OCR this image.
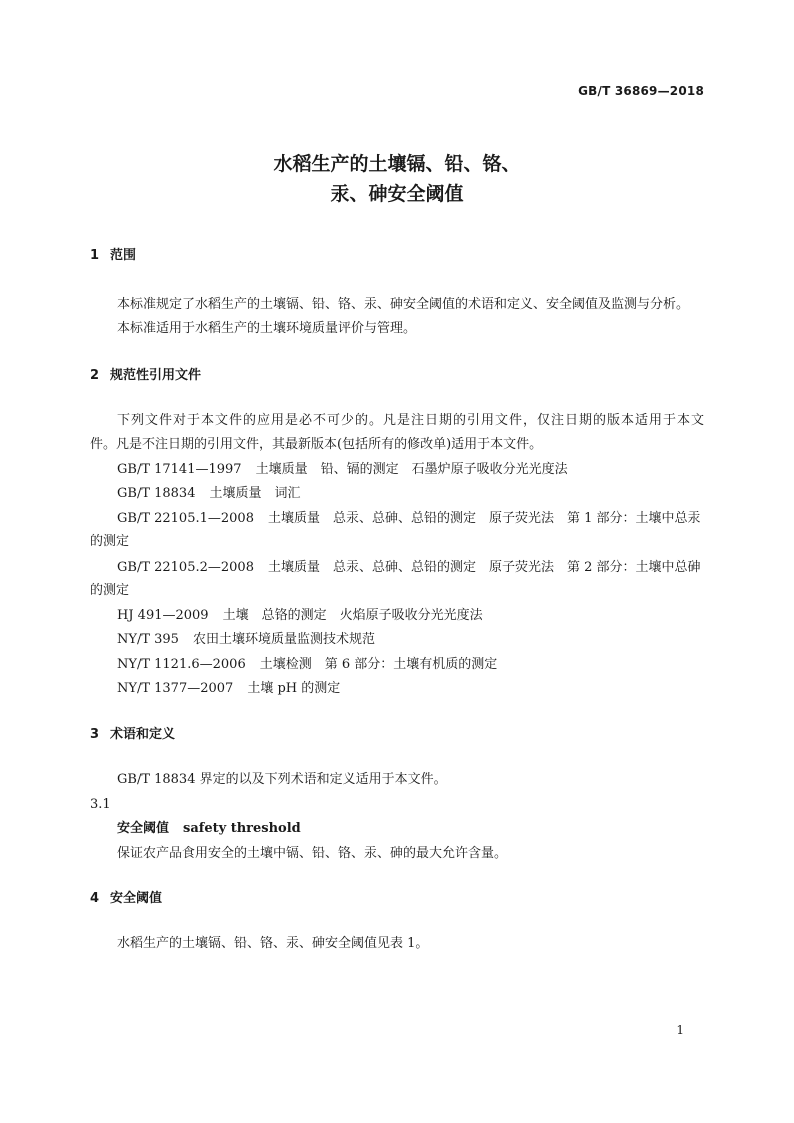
GB/T 36869—2018
水稻生产的土壤镉、铅、铬、
汞、砷安全阈值
1 范围
本标准规定了水稻生产的土壤镉、铅、铬、汞、砷安全阈值的术语和定义、安全阈值及监测与分析。
本标准适用于水稻生产的土壤环境质量评价与管理。
2 规范性引用文件
下列文件对于本文件的应用是必不可少的。凡是注日期的引用文件，仅注日期的版本适用于本文
件。凡是不注日期的引用文件，其最新版本(包括所有的修改单)适用于本文件。
GB/T 17141—1997 土壤质量　铅、镉的测定　石墨炉原子吸收分光光度法
GB/T 18834 土壤质量　词汇
GB/T 22105.1—2008 土壤质量　总汞、总砷、总铅的测定　原子荧光法　第 1 部分：土壤中总汞
的测定
GB/T 22105.2—2008 土壤质量　总汞、总砷、总铅的测定　原子荧光法　第 2 部分：土壤中总砷
的测定
HJ 491—2009 土壤　总铬的测定　火焰原子吸收分光光度法
NY/T 395 农田土壤环境质量监测技术规范
NY/T 1121.6—2006 土壤检测　第 6 部分：土壤有机质的测定
NY/T 1377—2007 土壤 pH 的测定
3 术语和定义
GB/T 18834 界定的以及下列术语和定义适用于本文件。
3.1
安全阈值 safety threshold
保证农产品食用安全的土壤中镉、铅、铬、汞、砷的最大允许含量。
4 安全阈值
水稻生产的土壤镉、铅、铬、汞、砷安全阈值见表 1。
1
